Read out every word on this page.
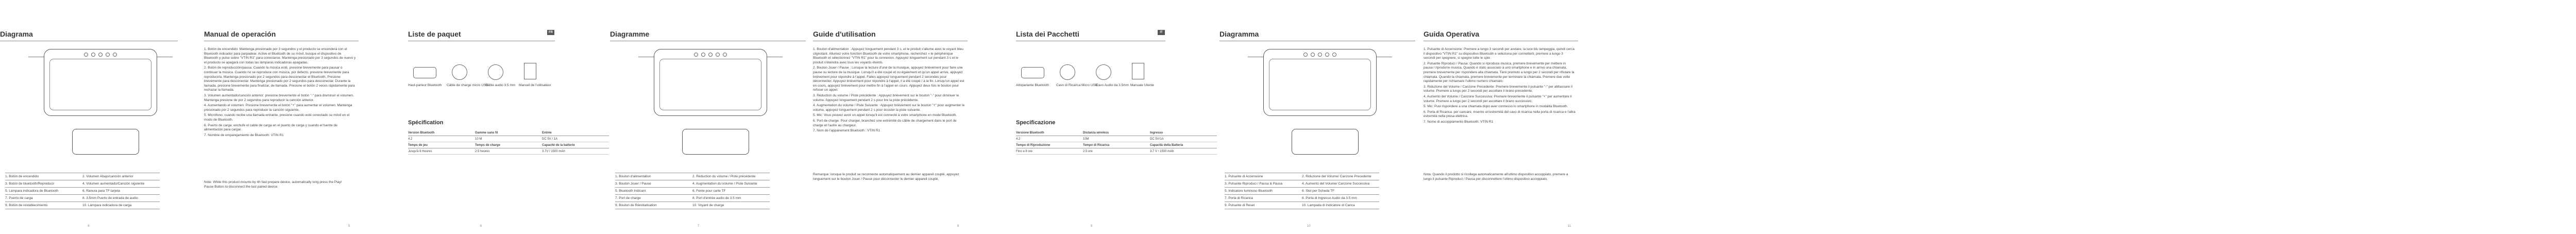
Diagrama
1. Botón de encendido	2. Volumen Abajo/canción anterior
3. Botón de bluetooth/Reproducir	4. Volumen aumentado/Canción siguiente
5. Lámpara indicadora de Bluetooth	6. Ranura para TF tarjeta
7. Puerto de carga	8. 3.5mm Puerto de entrada de audio
9. Botón de restablecimiento	10. Lámpara indicadora de carga
4
Manual de operación

1. Botón de encendido: Mantenga presionado por 3 segundos y el producto se encenderá con el Bluetooth indicador para parpadear. Active el Bluetooth de su móvil, busque el dispositivo de Bluetooth y pulse sobre "VTIN R1" para conectarse. Mantenga presionado por 3 segundos de nuevo y el producto se apagará con todas las lámparas indicadoras apagadas.

2. Botón de reproducción/pausa: Cuando la música esté, presione brevemente para pausar o continuar la música. Cuando no se reproduce con música, por defecto, presione brevemente para reproducirla. Mantenga presionado por 2 segundos para desconectar el Bluetooth. Presione brevemente para desconectar. Mantenga presionado por 2 segundos para desconectar. Durante la llamada, presione brevemente para finalizar, de llamada. Presione el botón 2 veces rápidamente para rechazar la llamada.

3. Volumen aumentado/canción anterior: presione brevemente el botón "-" para disminuir el volumen. Mantenga presione de por 2 segundos para reproducir la canción anterior.

4. Aumentando el volumen: Presione brevemente el botón "+" para aumentar el volumen. Mantenga presionado por 2 segundos para reproducir la canción siguiente.

5. Micrófono: cuando recibe una llamada entrante, presione cuando esté conectado su móvil en el modo de Bluetooth.

6. Puerto de carga: enchufe el cable de carga en el puerto de carga y cuando el fuente de alimentación para cargar.

7. Nombre de emparejamiento de Bluetooth: VTIN R1

Note: While this product mounts by 4h fast prepare device, automatically long press the Play/ Pause Button to disconnect the last paired device.
5
Liste de paquet	FR
Haut-parleur Bluetooth Câble de charge micro USB
Câble audio 3.5 mm Manuel de l'utilisateur
Spécification
Version Bluetooth	Gamme sans fil	Entrée
4.2	10 M	DC 5V / 1A
Temps de jeu	Temps de charge	Capacité de la batterie
Jusqu'à 8 Heures	2.5 heures	3.7V / 1500 mAh
6
Diagramme
1. Bouton d'alimentation	2. Réduction du volume / Piste précédente
3. Bouton Jouer / Pause	4. Augmentation du volume / Piste Suivante
5. Bluetooth Indicant	6. Fente pour carte TF
7. Port de charge	8. Port d'entrée audio de 3.5 mm
9. Bouton de Réinitialisation	10. Voyant de charge
7
Guide d'utilisation

1. Bouton d'alimentation : Appuyez longuement pendant 3 s, et le produit s'allume avec le voyant bleu clignotant. Allumez votre fonction Bluetooth de votre smartphone, recherchez « le périphérique Bluetooth et sélectionnez "VTIN R1" pour la connexion. Appuyez longuement sur pendant 3 s et le produit s'éteindra avec tous les voyants éteints.

2. Bouton Jouer / Pause : Lorsque la lecture d'une de la musique, appuyez brièvement pour faire une pause ou lecture de la musique. Lorsqu'il a été coupé et ou également et qu'un appel arrive, appuyez brièvement pour répondre à l'appel. Faites appuyez longuement pendant 2 secondes pour déconnecter. Appuyez brièvement pour répondre à l'appel, il a été coupé / à la fin. Lorsqu'un appel est en cours, appuyez brièvement pour mettre fin à l'appel en cours. Appuyez deux fois le bouton pour refuser un appel.

3. Réduction du volume / Piste précédente : Appuyez brièvement sur le bouton "-" pour diminuer le volume. Appuyez longuement pendant 2 s pour lire la piste précédente.

4. Augmentation du volume / Piste Suivante : Appuyez brièvement sur le bouton "+" pour augmenter le volume, appuyez longuement pendant 2 s pour écouter la piste suivante.

5. Mic: Vous pouvez avoir un appel lorsqu'il est connecté à votre smartphone en mode Bluetooth.

6. Port de charge: Pour charger, branchez une extrémité du câble de chargement dans le port de charge et l'autre au chargeur.

7. Nom de l'appairement Bluetooth : VTIN R1

Remarque: lorsque le produit se reconnecte automatiquement au dernier appareil couplé, appuyez longuement sur le bouton Jouer / Pause pour déconnecter le dernier appareil couplé.
8
Lista dei Pacchetti	IT
Altoparlante Bluetooth Cavo di Ricarica Micro USB
Cavo Audio da 3.5mm Manuale Utente
Specificazione
Versione Bluetooth	Distanza wireless	Ingresso
4.2	10M	DC 5V/1A
Tempo di Riproduzione	Tempo di Ricarica	Capacità della Batteria
Fino a 8 ore	2.5 ore	3.7 V / 1500 mAh
9
Diagramma
1. Pulsante di Accensione	2. Riduzione del Volume/ Canzone Precedente
3. Pulsante Riproduci / Pausa & Pausa	4. Aumento del Volume/ Canzone Successiva
5. Indicatore luminoso Bluetooth	6. Slot per Scheda TF
7. Porta di Ricarica	8. Porta di Ingresso Audio da 3.5 mm
9. Pulsante di Reset	10. Lampada di Indicatore di Carica
10
Guida Operativa

1. Pulsante di Accensione: Premere a lungo 3 secondi per avviare, la luce blu lampeggia, quindi cerca il dispositivo "VTIN R1" su dispositivo Bluetooth e seleziona per connetterti, premere a lungo 3 secondi per spegnere, si spegne tutte le spie.

2. Pulsante Riproduci / Pausa: Quando si riproduce musica, premere brevemente per mettere in pausa / riprodurre musica. Quando è stato associato a uno smartphone e in arrivo una chiamata, premere brevemente per rispondere alla chiamata. Tieni premuto a lungo per 2 secondi per rifiutare la chiamata. Quando la chiamata, premere brevemente per terminare la chiamata. Premere due volte rapidamente per richiamare l'ultimo numero chiamato.

3. Riduzione del Volume / Canzone Precedente: Premere brevemente il pulsante "-" per abbassare il volume. Premere a lungo per 2 secondi per ascoltare il brano precedente.

4. Aumento del Volume / Canzone Successiva: Premere brevemente il pulsante "+" per aumentare il volume. Premere a lungo per 2 secondi per ascoltare il brano successivo.

5. Mic: Puoi rispondere a una chiamata dopo aver connesso lo smartphone in modalità Bluetooth.

6. Porta di Ricarica: per caricare, inserire un'estremità del cavo di ricarica nella porta di ricarica e l'altra estremità nella presa elettrica.

7. Nome di accoppiamento Bluetooth: VTIN R1

Nota: Quando il prodotto si ricollega automaticamente all'ultimo dispositivo accoppiato, premere a lungo il pulsante Riproduci / Pausa per disconnettere l'ultimo dispositivo accoppiato.
11
